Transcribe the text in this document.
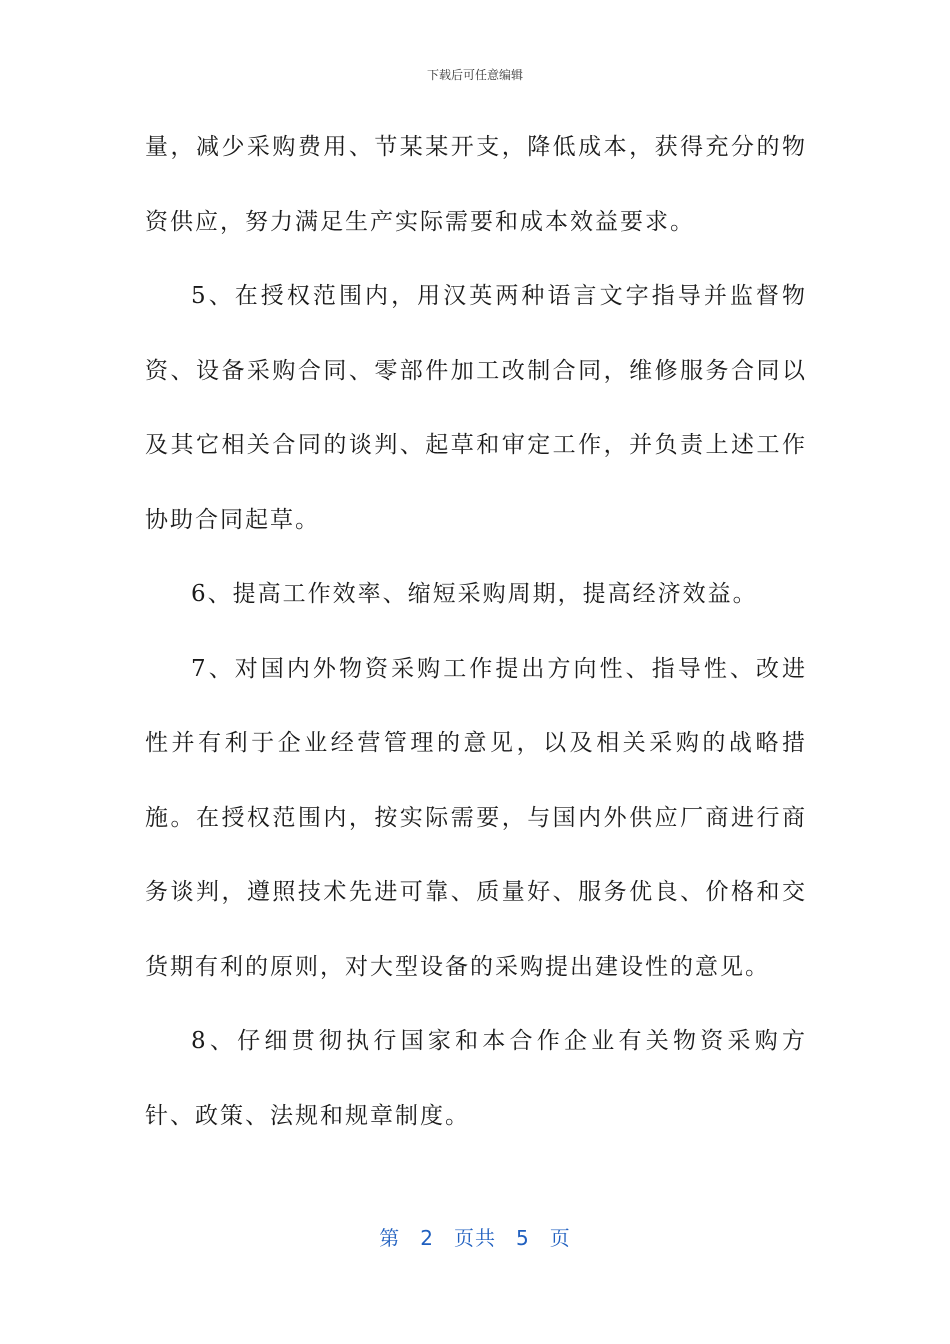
下载后可任意编辑

量，减少采购费用、节某某开支，降低成本，获得充分的物资供应，努力满足生产实际需要和成本效益要求。

5、在授权范围内，用汉英两种语言文字指导并监督物资、设备采购合同、零部件加工改制合同，维修服务合同以及其它相关合同的谈判、起草和审定工作，并负责上述工作协助合同起草。

6、提高工作效率、缩短采购周期，提高经济效益。

7、对国内外物资采购工作提出方向性、指导性、改进性并有利于企业经营管理的意见，以及相关采购的战略措施。在授权范围内，按实际需要，与国内外供应厂商进行商务谈判，遵照技术先进可靠、质量好、服务优良、价格和交货期有利的原则，对大型设备的采购提出建设性的意见。

8、仔细贯彻执行国家和本合作企业有关物资采购方针、政策、法规和规章制度。

第 2 页共 5 页
